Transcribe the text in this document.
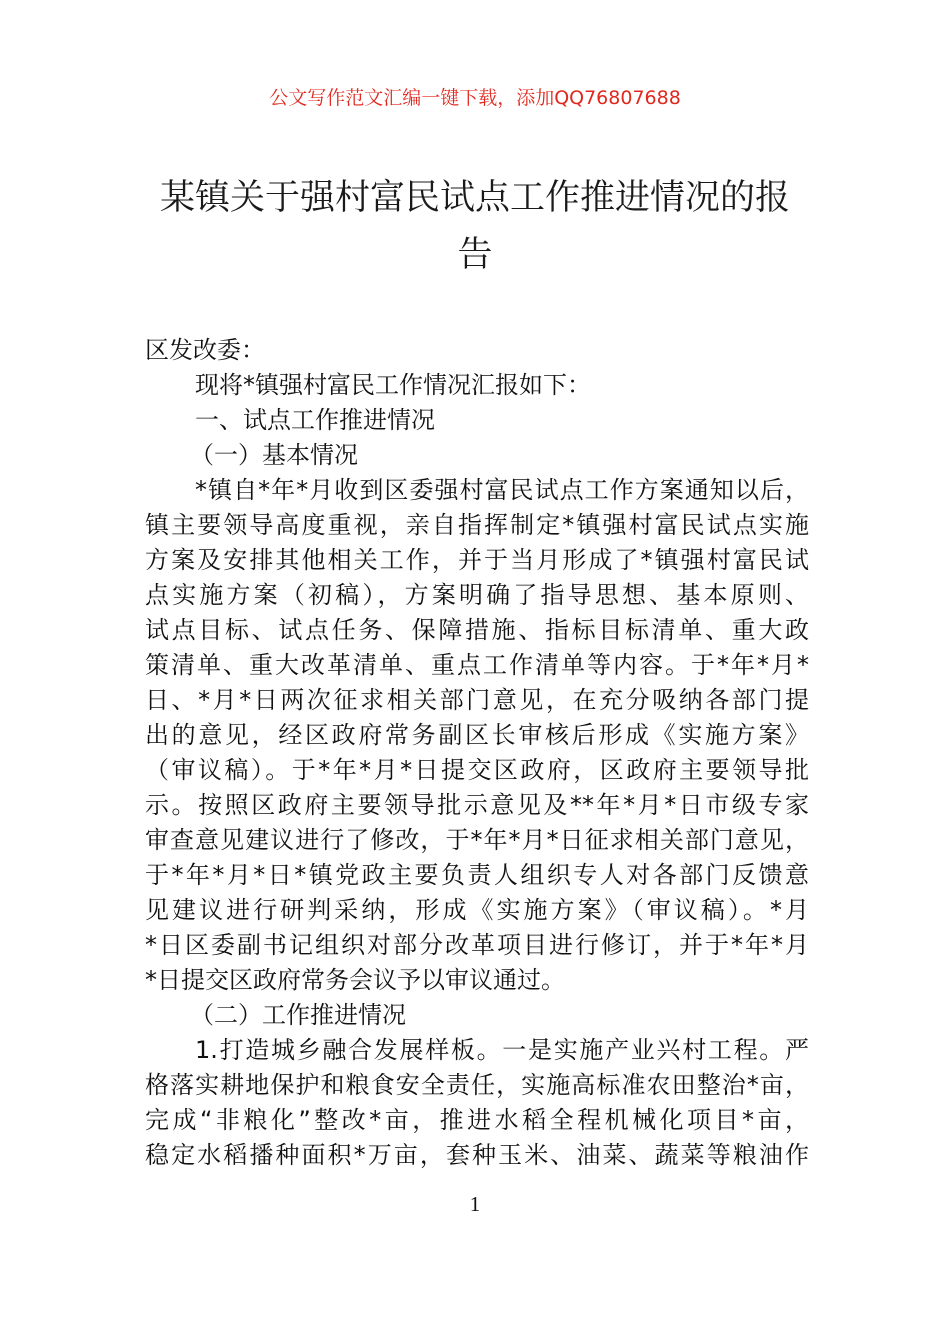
公文写作范文汇编一键下载，添加QQ76807688
某镇关于强村富民试点工作推进情况的报
告
区发改委：
现将*镇强村富民工作情况汇报如下：
一、试点工作推进情况
（一）基本情况
*镇自*年*月收到区委强村富民试点工作方案通知以后，
镇主要领导高度重视，亲自指挥制定*镇强村富民试点实施
方案及安排其他相关工作，并于当月形成了*镇强村富民试
点实施方案（初稿），方案明确了指导思想、基本原则、
试点目标、试点任务、保障措施、指标目标清单、重大政
策清单、重大改革清单、重点工作清单等内容。于*年*月*
日、*月*日两次征求相关部门意见，在充分吸纳各部门提
出的意见，经区政府常务副区长审核后形成《实施方案》
（审议稿）。于*年*月*日提交区政府，区政府主要领导批
示。按照区政府主要领导批示意见及**年*月*日市级专家
审查意见建议进行了修改，于*年*月*日征求相关部门意见，
于*年*月*日*镇党政主要负责人组织专人对各部门反馈意
见建议进行研判采纳，形成《实施方案》（审议稿）。*月
*日区委副书记组织对部分改革项目进行修订，并于*年*月
*日提交区政府常务会议予以审议通过。
（二）工作推进情况
1.打造城乡融合发展样板。一是实施产业兴村工程。严
格落实耕地保护和粮食安全责任，实施高标准农田整治*亩，
完成“非粮化”整改*亩，推进水稻全程机械化项目*亩，
稳定水稻播种面积*万亩，套种玉米、油菜、蔬菜等粮油作
1
